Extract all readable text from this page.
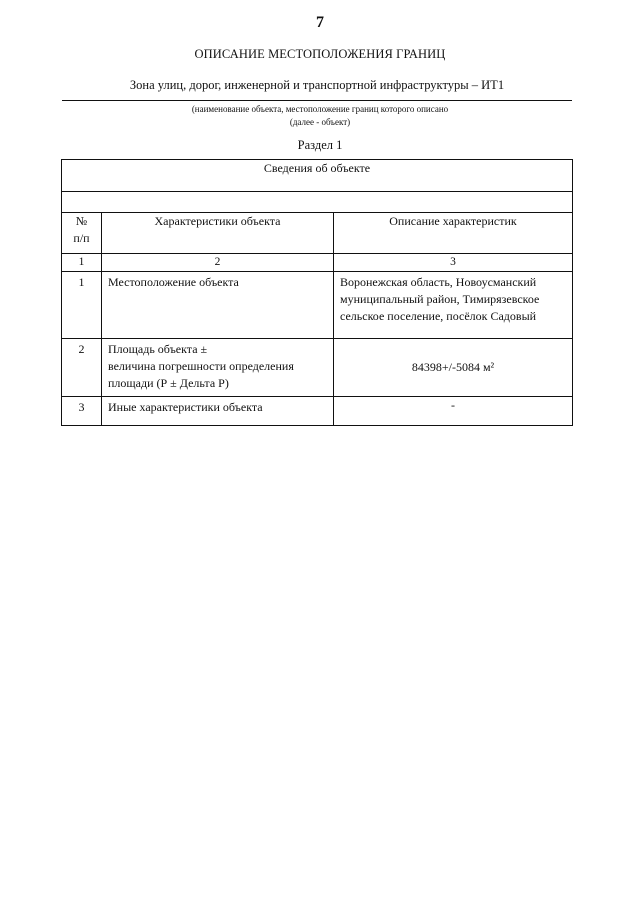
7
ОПИСАНИЕ МЕСТОПОЛОЖЕНИЯ ГРАНИЦ
Зона улиц, дорог, инженерной и транспортной инфраструктуры – ИТ1
(наименование объекта, местоположение границ которого описано
(далее - объект)
Раздел 1
Сведения об объекте		

№
п/п	Характеристики объекта	Описание характеристик
1	2	3
1	Местоположение объекта	Воронежская область, Новоусманский муниципальный район, Тимирязевское сельское поселение, посёлок Садовый
2	Площадь объекта ±
величина погрешности определения
площади (Р ± Дельта Р)	84398+/-5084 м²
3	Иные характеристики объекта	-
